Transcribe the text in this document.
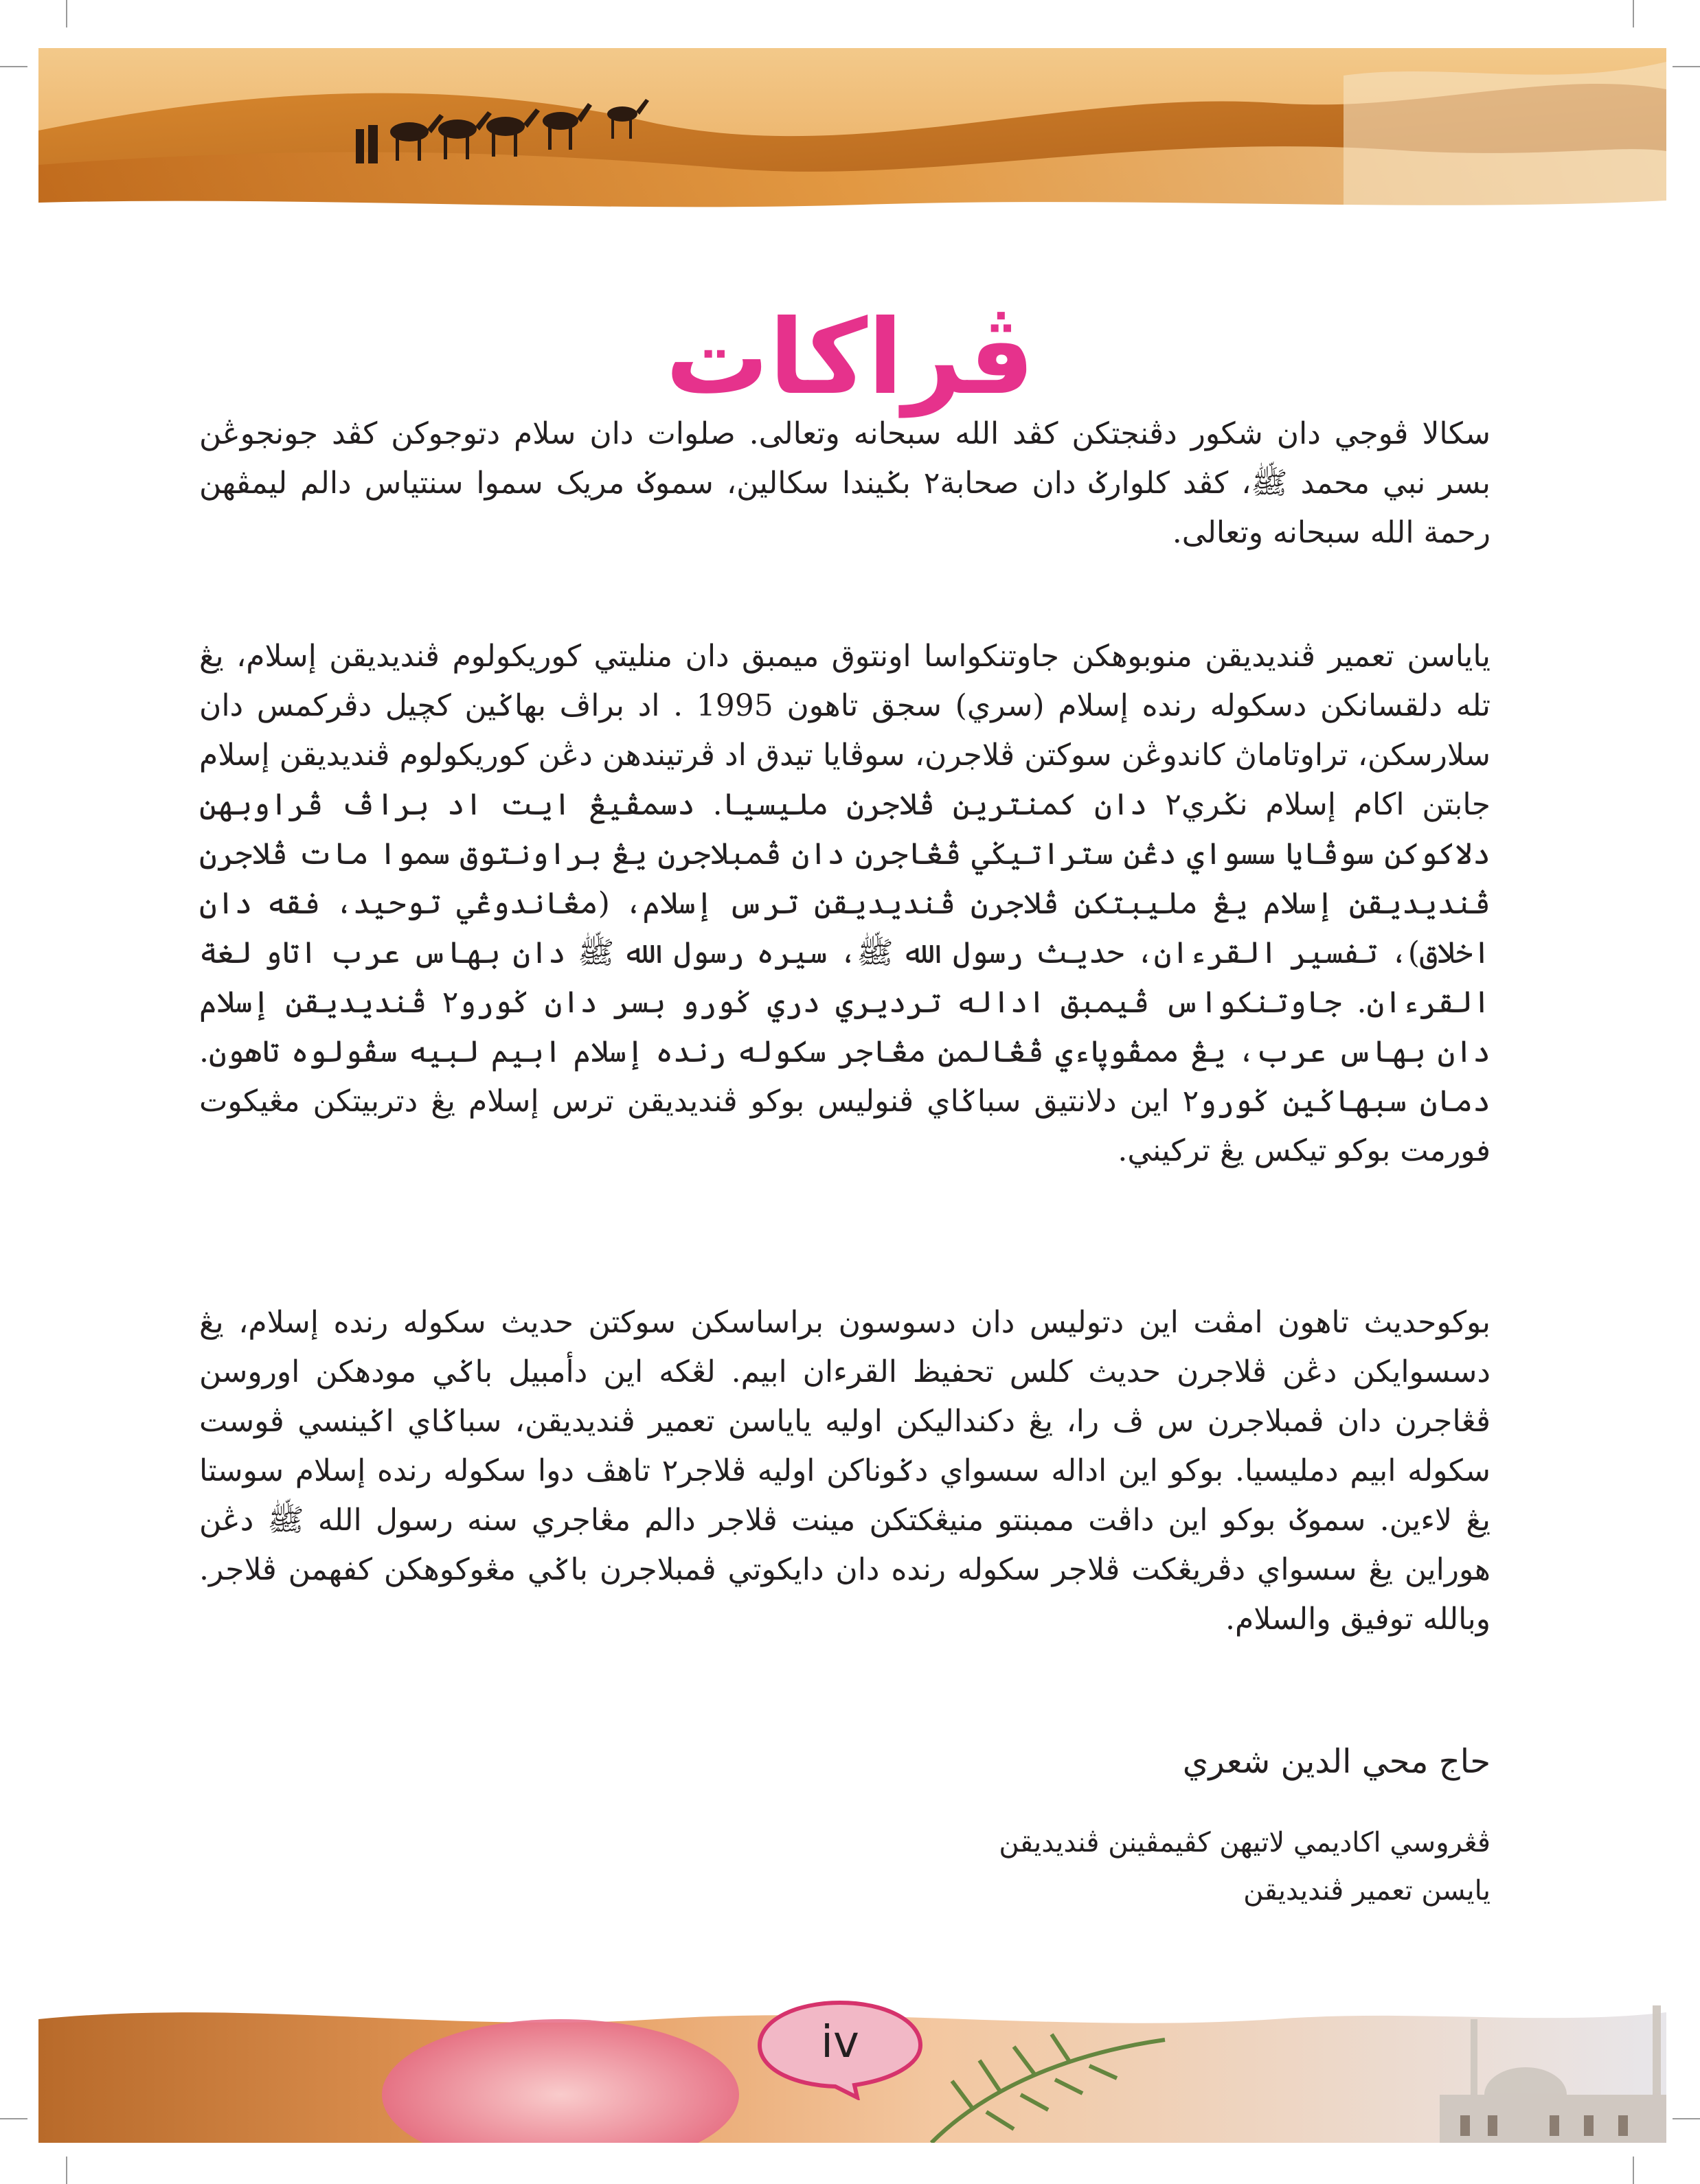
ڤراكات

سکالا ڤوجي دان شکور دڤنجتکن کڤد الله سبحانه وتعالى. صلوات دان سلام دتوجوکن کڤد جونجوڠن بسر نبي محمد ﷺ، کڤد کلوارݢ دان صحابة٢ بݢيندا سکالين، سموݢ مريک سموا سنتياس دالم ليمڤهن رحمة الله سبحانه وتعالى.

ياياسن تعمير ڤنديديقن منوبوهکن جاوتنکواسا اونتوق ميمبق دان منليتي کوريکولوم ڤنديديقن إسلام، يڠ تله دلقسانکن دسکوله رنده إسلام (سري) سجق تاهون 1995 . اد براڤ بهاݢين کچيل دڤرکمس دان سلارسکن، تراوتاماڽ کاندوڠن سوکتن ڤلاجرن، سوڤايا تيدق اد ڤرتيندهن دڠن کوريکولوم ڤنديديقن إسلام جابتن اکام إسلام نݢري٢ دان کمنترين ڤلاجرن مليسيا. دسمڤيڠ ايت اد براڤ ڤراوبهن دلاکوکن سوڤايا سسواي دڠن ستراتيݢي ڤڠاجرن دان ڤمبلاجرن يڠ براونتوق سموا مات ڤلاجرن ڤنديديقن إسلام يڠ مليبتکن ڤلاجرن ڤنديديقن ترس إسلام، (مڠاندوڠي توحيد، فقه دان اخلاق)، تفسير القرءان، حديث رسول الله ﷺ، سيره رسول الله ﷺ دان بهاس عرب اتاو لغة القرءان. جاوتنکواس ڤيمبق اداله ترديري دري ݢورو بسر دان ݢورو٢ ڤنديديقن إسلام دان بهاس عرب، يڠ ممڤوڽاءي ڤڠالمن مڠاجر سکوله رنده إسلام ابيم لبيه سڤولوه تاهون. دمان سبهاݢين ݢورو٢ اين دلانتيق سباݢاي ڤنوليس بوکو ڤنديديقن ترس إسلام يڠ دتربيتکن مڠيکوت فورمت بوکو تيکس يڠ ترکيني.

بوکوحديث تاهون امڤت اين دتوليس دان دسوسون براساسکن سوکتن حديث سکوله رنده إسلام، يڠ دسسوايکن دڠن ڤلاجرن حديث کلس تحفيظ القرءان ابيم. لڠکه اين دأمبيل باݢي مودهکن اوروسن ڤڠاجرن دان ڤمبلاجرن س ڤ را، يڠ دکنداليکن اوليه ياياسن تعمير ڤنديديقن، سباݢاي اݢينسي ڤوست سکوله ابيم دمليسيا. بوکو اين اداله سسواي دݢوناکن اوليه ڤلاجر٢ تاهڤ دوا سکوله رنده إسلام سوستا يڠ لاءين. سموݢ بوکو اين داڤت ممبنتو منيڠکتکن مينت ڤلاجر دالم مڠاجري سنه رسول الله ﷺ دڠن هوراين يڠ سسواي دڤريڠکت ڤلاجر سکوله رنده دان دايکوتي ڤمبلاجرن باݢي مڠوکوهکن کفهمن ڤلاجر. وبالله توفيق والسلام.

حاج محي الدين شعري

ڤڠروسي اکاديمي لاتيهن کڤيمڤينن ڤنديديقن

يايسن تعمير ڤنديديقن

iv
